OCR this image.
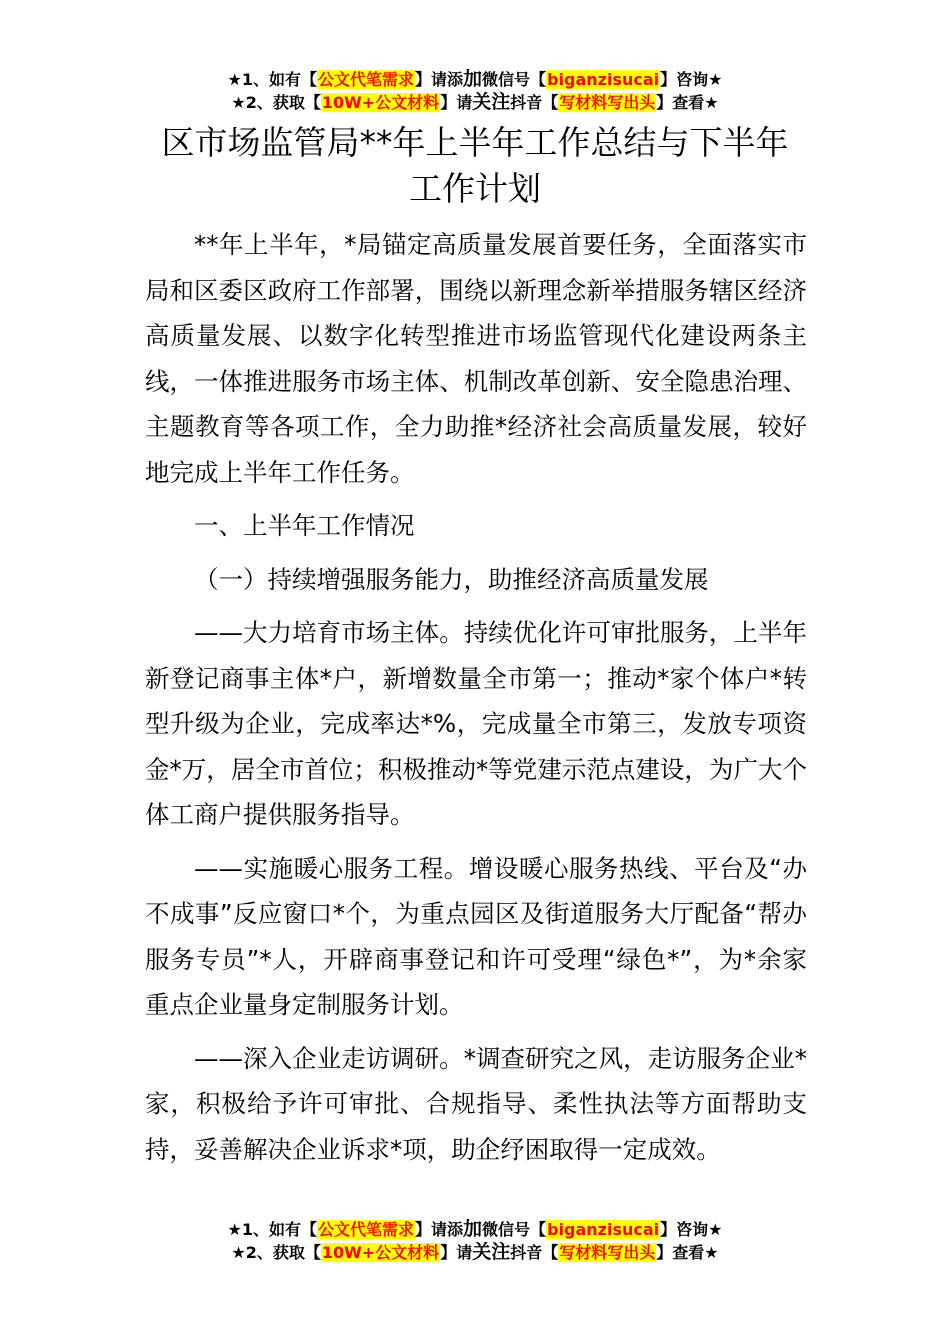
★1、如有【公文代笔需求】请添加微信号【biganzisucai】咨询★
★2、获取【10W+公文材料】请关注抖音【写材料写出头】查看★
区市场监管局**年上半年工作总结与下半年
工作计划

**年上半年，*局锚定高质量发展首要任务，全面落实市局和区委区政府工作部署，围绕以新理念新举措服务辖区经济高质量发展、以数字化转型推进市场监管现代化建设两条主线，一体推进服务市场主体、机制改革创新、安全隐患治理、主题教育等各项工作，全力助推*经济社会高质量发展，较好地完成上半年工作任务。

一、上半年工作情况

（一）持续增强服务能力，助推经济高质量发展

——大力培育市场主体。持续优化许可审批服务，上半年新登记商事主体*户，新增数量全市第一；推动*家个体户*转型升级为企业，完成率达*%，完成量全市第三，发放专项资金*万，居全市首位；积极推动*等党建示范点建设，为广大个体工商户提供服务指导。

——实施暖心服务工程。增设暖心服务热线、平台及“办不成事”反应窗口*个，为重点园区及街道服务大厅配备“帮办服务专员”*人，开辟商事登记和许可受理“绿色*”，为*余家重点企业量身定制服务计划。

——深入企业走访调研。*调查研究之风，走访服务企业*家，积极给予许可审批、合规指导、柔性执法等方面帮助支持，妥善解决企业诉求*项，助企纾困取得一定成效。

★1、如有【公文代笔需求】请添加微信号【biganzisucai】咨询★
★2、获取【10W+公文材料】请关注抖音【写材料写出头】查看★
